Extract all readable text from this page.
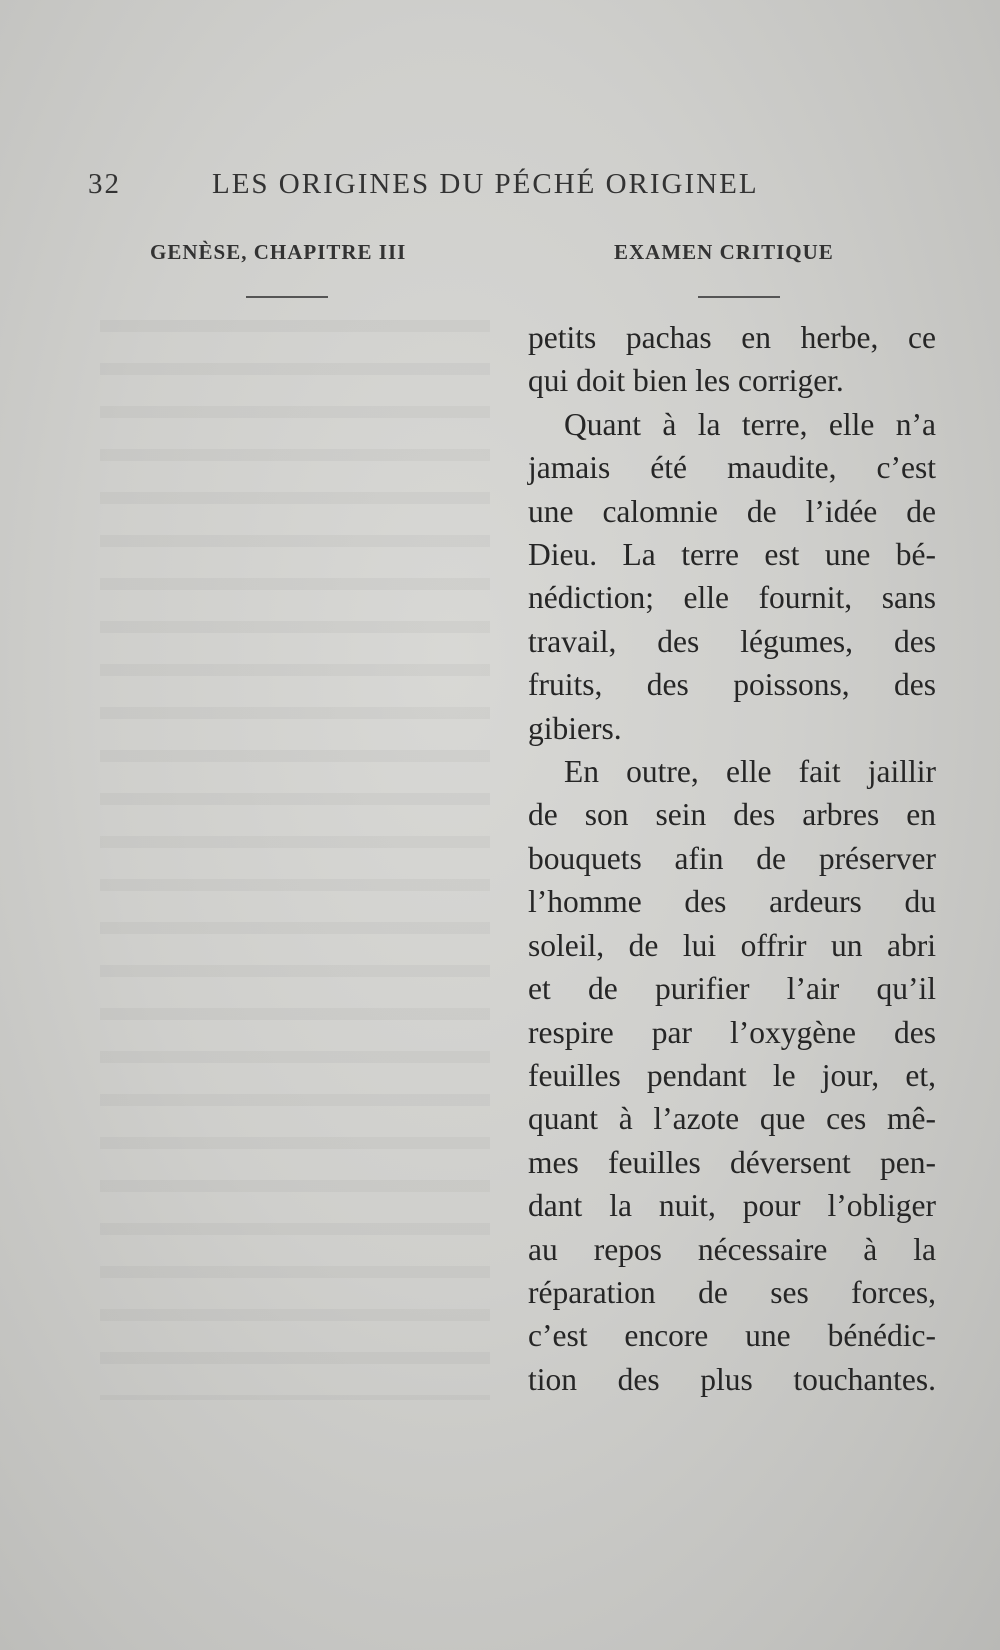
32	LES ORIGINES DU PÉCHÉ ORIGINEL
GENÈSE, CHAPITRE III	EXAMEN CRITIQUE

petits pachas en herbe, ce

qui doit bien les corriger.

Quant à la terre, elle n’a

jamais été maudite, c’est

une calomnie de l’idée de

Dieu. La terre est une bé-

nédiction; elle fournit, sans

travail, des légumes, des

fruits, des poissons, des

gibiers.

En outre, elle fait jaillir

de son sein des arbres en

bouquets afin de préserver

l’homme des ardeurs du

soleil, de lui offrir un abri

et de purifier l’air qu’il

respire par l’oxygène des

feuilles pendant le jour, et,

quant à l’azote que ces mê-

mes feuilles déversent pen-

dant la nuit, pour l’obliger

au repos nécessaire à la

réparation de ses forces,

c’est encore une bénédic-

tion des plus touchantes.
